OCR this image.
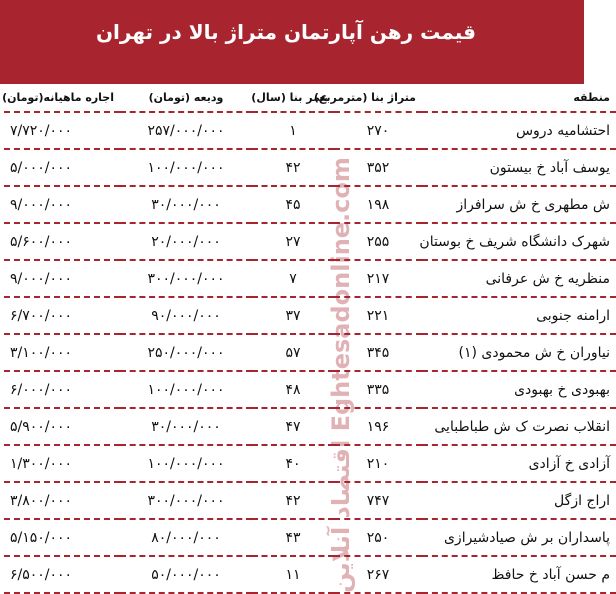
قیمت رهن آپارتمان متراژ بالا در تهران
منطقه	متراژ بنا (مترمربع)	عمر بنا (سال)	ودیعه (تومان)	اجاره ماهیانه(تومان)
احتشامیه دروس	۲۷۰	۱	۲۵۷/۰۰۰/۰۰۰	۷/۷۲۰/۰۰۰
یوسف آباد خ بیستون	۳۵۲	۴۲	۱۰۰/۰۰۰/۰۰۰	۵/۰۰۰/۰۰۰
ش مطهری خ ش سرافراز	۱۹۸	۴۵	۳۰/۰۰۰/۰۰۰	۹/۰۰۰/۰۰۰
شهرک دانشگاه شریف خ بوستان	۲۵۵	۲۷	۲۰/۰۰۰/۰۰۰	۵/۶۰۰/۰۰۰
منظریه خ ش عرفانی	۲۱۷	۷	۳۰۰/۰۰۰/۰۰۰	۹/۰۰۰/۰۰۰
ارامنه جنوبی	۲۲۱	۳۷	۹۰/۰۰۰/۰۰۰	۶/۷۰۰/۰۰۰
نیاوران خ ش محمودی (۱)	۳۴۵	۵۷	۲۵۰/۰۰۰/۰۰۰	۳/۱۰۰/۰۰۰
بهبودی خ بهبودی	۳۳۵	۴۸	۱۰۰/۰۰۰/۰۰۰	۶/۰۰۰/۰۰۰
انقلاب نصرت ک ش طباطبایی	۱۹۶	۴۷	۳۰/۰۰۰/۰۰۰	۵/۹۰۰/۰۰۰
آزادی خ آزادی	۲۱۰	۴۰	۱۰۰/۰۰۰/۰۰۰	۱/۳۰۰/۰۰۰
اراج ازگل	۷۴۷	۴۲	۳۰۰/۰۰۰/۰۰۰	۳/۸۰۰/۰۰۰
پاسداران بر ش صیادشیرازی	۲۵۰	۴۳	۸۰/۰۰۰/۰۰۰	۵/۱۵۰/۰۰۰
م حسن آباد خ حافظ	۲۶۷	۱۱	۵۰/۰۰۰/۰۰۰	۶/۵۰۰/۰۰۰	اقتصاد آنلاین Eghtesadonline.com
